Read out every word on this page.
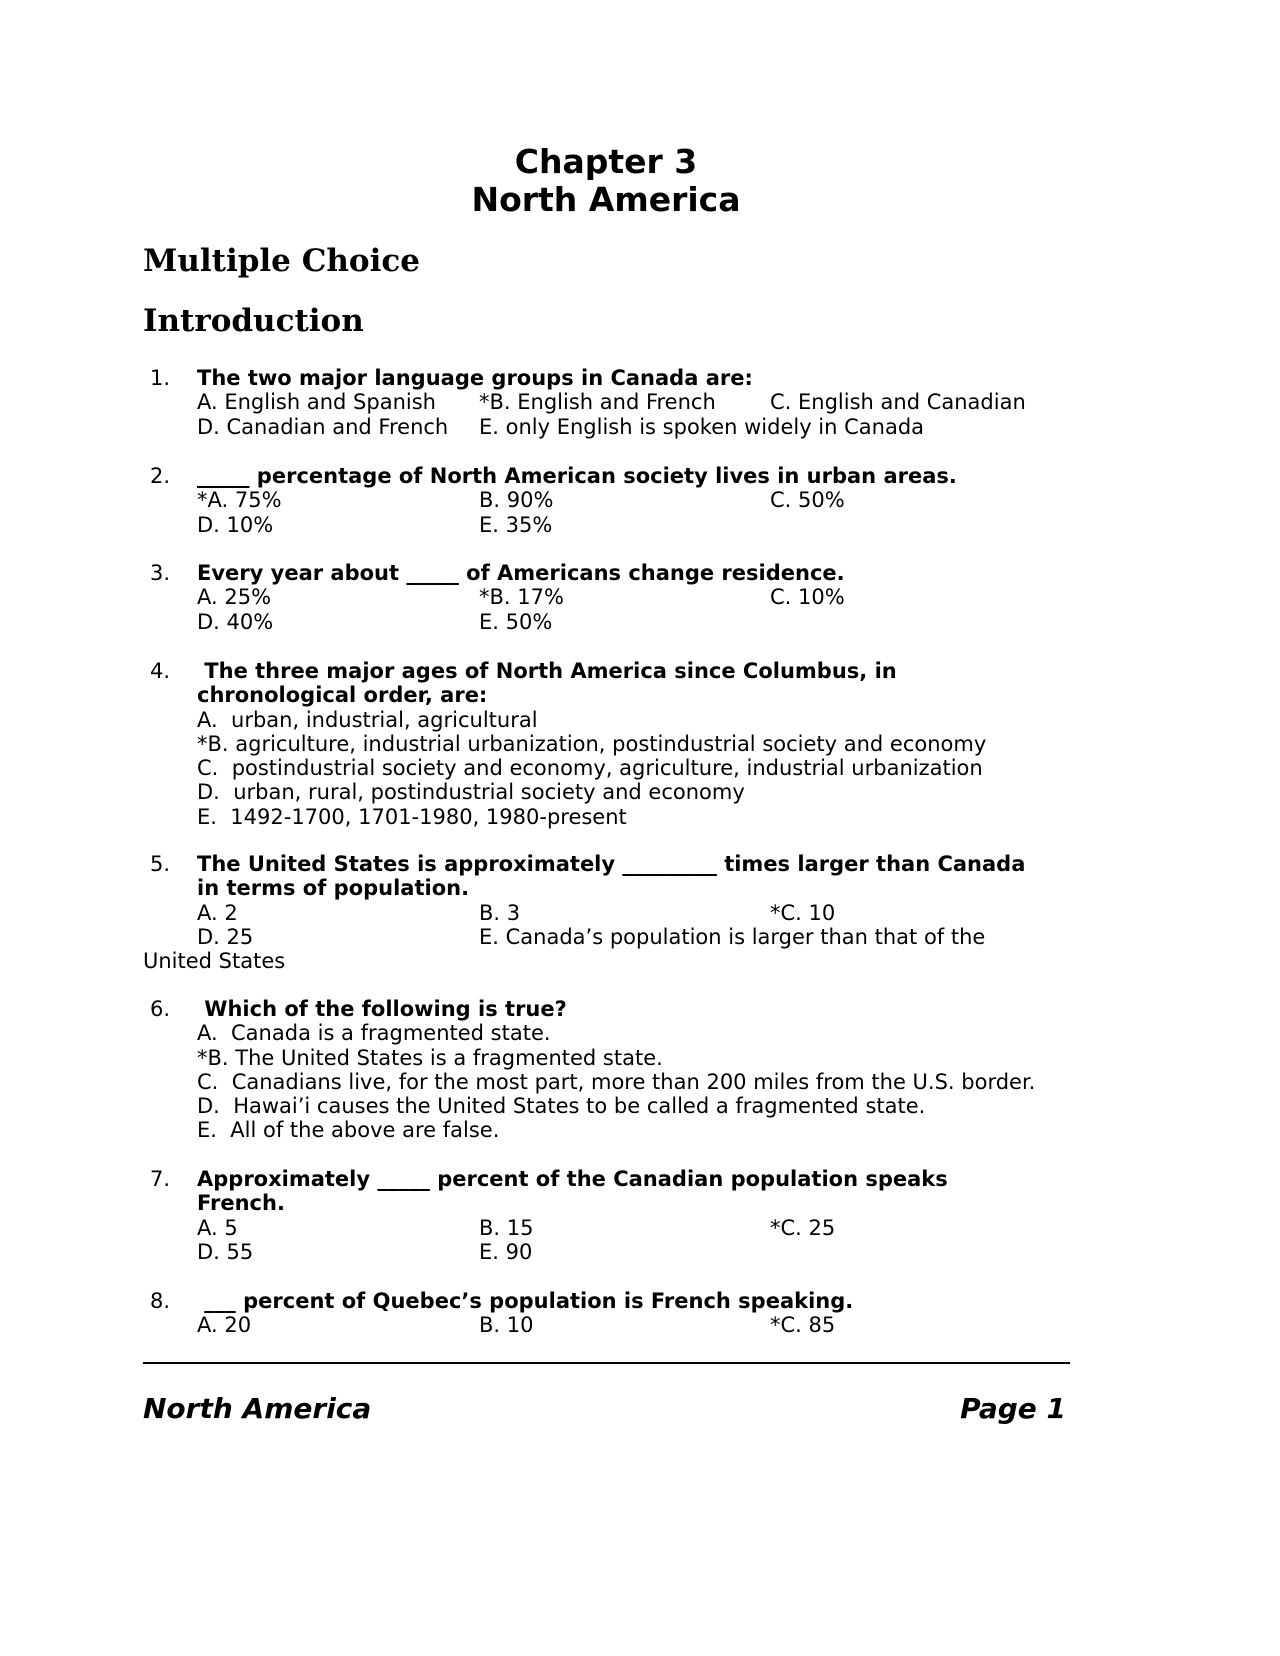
Chapter 3
North America
Multiple Choice
Introduction
1. The two major language groups in Canada are:
A. English and Spanish *B. English and French	C. English and Canadian
D. Canadian and French E. only English is spoken widely in Canada
2. _____ percentage of North American society lives in urban areas.
*A. 75%	B. 90%	C. 50%
D. 10%	E. 35%
3. Every year about _____ of Americans change residence.
A. 25%	*B. 17%	C. 10%
D. 40%	E. 50%
4. The three major ages of North America since Columbus, in
chronological order, are:
A.  urban, industrial, agricultural
*B. agriculture, industrial urbanization, postindustrial society and economy
C.  postindustrial society and economy, agriculture, industrial urbanization
D.  urban, rural, postindustrial society and economy
E.  1492-1700, 1701-1980, 1980-present
5. The United States is approximately _________ times larger than Canada
in terms of population.
A. 2	B. 3	*C. 10
D. 25	E. Canada’s population is larger than that of the
United States
6. Which of the following is true?
A.  Canada is a fragmented state.
*B. The United States is a fragmented state.
C.  Canadians live, for the most part, more than 200 miles from the U.S. border.
D.  Hawai’i causes the United States to be called a fragmented state.
E.  All of the above are false.
7. Approximately _____ percent of the Canadian population speaks
French.
A. 5	B. 15	*C. 25
D. 55	E. 90
8. ___ percent of Quebec’s population is French speaking.
A. 20	B. 10	*C. 85
North America	Page 1
